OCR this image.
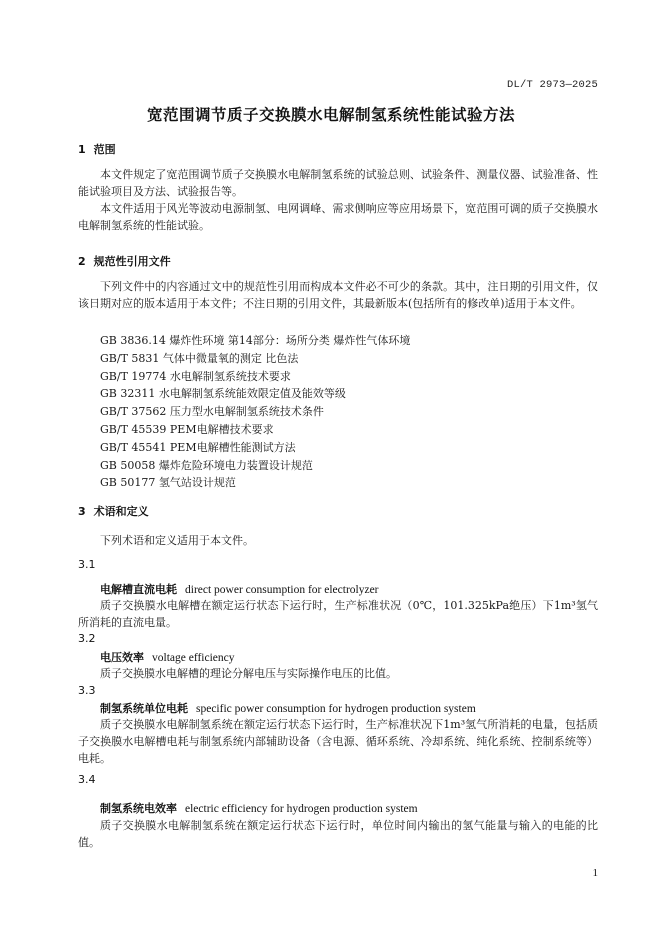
DL/T 2973—2025
宽范围调节质子交换膜水电解制氢系统性能试验方法
1 范围

本文件规定了宽范围调节质子交换膜水电解制氢系统的试验总则、试验条件、测量仪器、试验准备、性能试验项目及方法、试验报告等。

本文件适用于风光等波动电源制氢、电网调峰、需求侧响应等应用场景下，宽范围可调的质子交换膜水电解制氢系统的性能试验。

2 规范性引用文件

下列文件中的内容通过文中的规范性引用而构成本文件必不可少的条款。其中，注日期的引用文件，仅该日期对应的版本适用于本文件；不注日期的引用文件，其最新版本(包括所有的修改单)适用于本文件。

GB 3836.14 爆炸性环境 第14部分：场所分类 爆炸性气体环境
GB/T 5831 气体中微量氧的测定 比色法
GB/T 19774 水电解制氢系统技术要求
GB 32311 水电解制氢系统能效限定值及能效等级
GB/T 37562 压力型水电解制氢系统技术条件
GB/T 45539 PEM电解槽技术要求
GB/T 45541 PEM电解槽性能测试方法
GB 50058 爆炸危险环境电力装置设计规范
GB 50177 氢气站设计规范
3 术语和定义

下列术语和定义适用于本文件。

3.1

电解槽直流电耗 direct power consumption for electrolyzer

质子交换膜水电解槽在额定运行状态下运行时，生产标准状况（0℃，101.325kPa绝压）下1m³氢气所消耗的直流电量。

3.2

电压效率 voltage efficiency

质子交换膜水电解槽的理论分解电压与实际操作电压的比值。

3.3

制氢系统单位电耗 specific power consumption for hydrogen production system

质子交换膜水电解制氢系统在额定运行状态下运行时，生产标准状况下1m³氢气所消耗的电量，包括质子交换膜水电解槽电耗与制氢系统内部辅助设备（含电源、循环系统、冷却系统、纯化系统、控制系统等）电耗。

3.4

制氢系统电效率 electric efficiency for hydrogen production system

质子交换膜水电解制氢系统在额定运行状态下运行时，单位时间内输出的氢气能量与输入的电能的比值。

1
